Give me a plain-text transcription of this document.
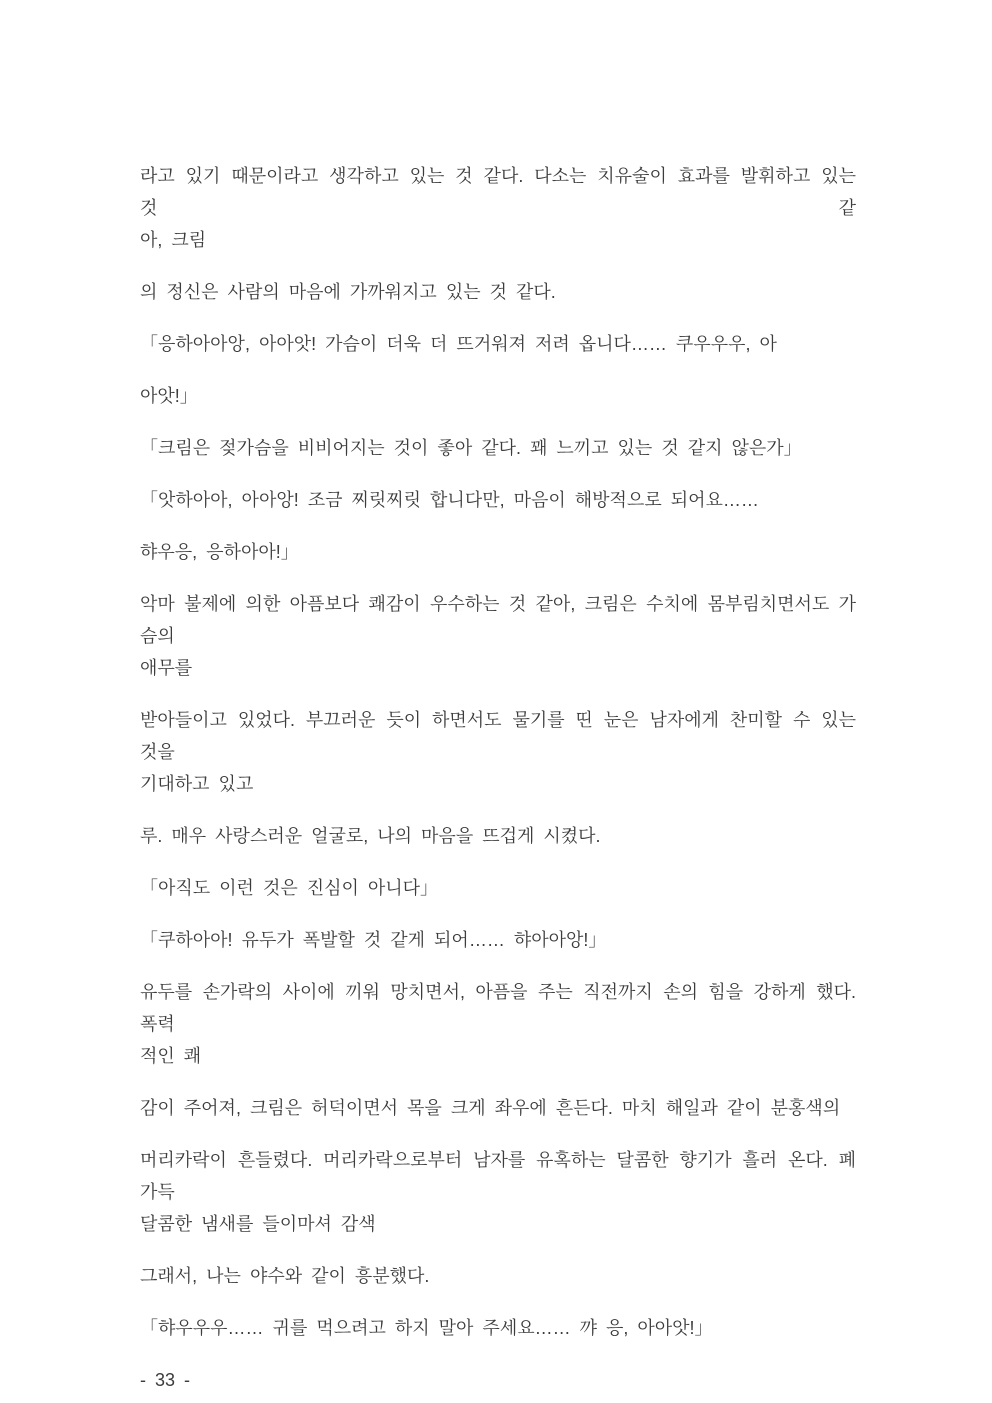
라고 있기 때문이라고 생각하고 있는 것 같다. 다소는 치유술이 효과를 발휘하고 있는 것 같
아, 크림
의 정신은 사람의 마음에 가까워지고 있는 것 같다.
「응하아아앙, 아아앗! 가슴이 더욱 더 뜨거워져 저려 옵니다…… 쿠우우우, 아
아앗!」
「크림은 젖가슴을 비비어지는 것이 좋아 같다. 꽤 느끼고 있는 것 같지 않은가」
「앗하아아, 아아앙! 조금 찌릿찌릿 합니다만, 마음이 해방적으로 되어요……
햐우응, 응하아아!」
악마 불제에 의한 아픔보다 쾌감이 우수하는 것 같아, 크림은 수치에 몸부림치면서도 가슴의
애무를
받아들이고 있었다. 부끄러운 듯이 하면서도 물기를 띤 눈은 남자에게 찬미할 수 있는 것을
기대하고 있고
루. 매우 사랑스러운 얼굴로, 나의 마음을 뜨겁게 시켰다.
「아직도 이런 것은 진심이 아니다」
「쿠하아아! 유두가 폭발할 것 같게 되어…… 햐아아앙!」
유두를 손가락의 사이에 끼워 망치면서, 아픔을 주는 직전까지 손의 힘을 강하게 했다. 폭력
적인 쾌
감이 주어져, 크림은 허덕이면서 목을 크게 좌우에 흔든다. 마치 해일과 같이 분홍색의
머리카락이 흔들렸다. 머리카락으로부터 남자를 유혹하는 달콤한 향기가 흘러 온다. 폐 가득
달콤한 냄새를 들이마셔 감색
그래서, 나는 야수와 같이 흥분했다.
「햐우우우…… 귀를 먹으려고 하지 말아 주세요…… 꺄 응, 아아앗!」
- 33 -
